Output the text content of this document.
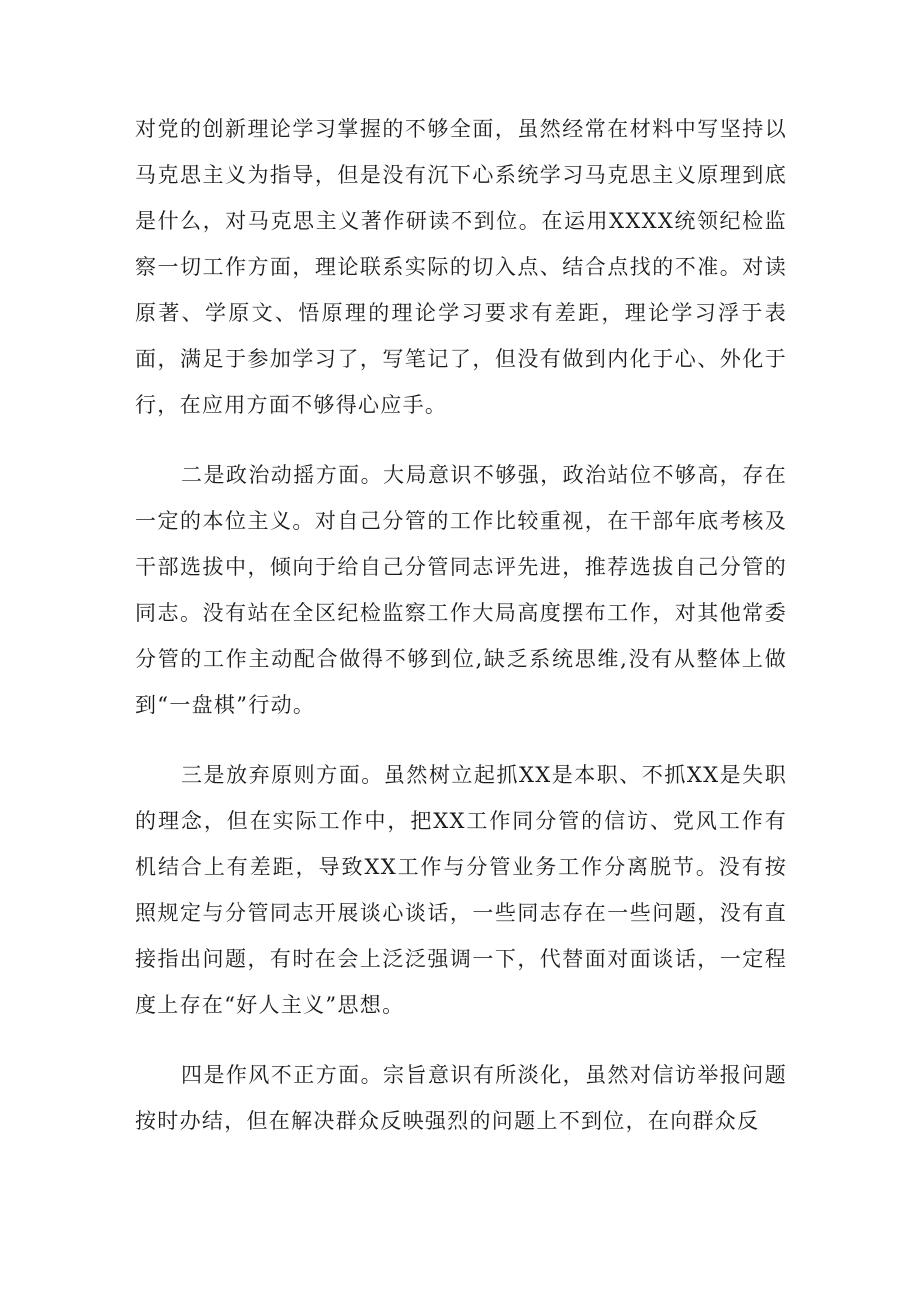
对党的创新理论学习掌握的不够全面，虽然经常在材料中写坚持以马克思主义为指导，但是没有沉下心系统学习马克思主义原理到底是什么，对马克思主义著作研读不到位。在运用XXXX统领纪检监察一切工作方面，理论联系实际的切入点、结合点找的不准。对读原著、学原文、悟原理的理论学习要求有差距，理论学习浮于表面，满足于参加学习了，写笔记了，但没有做到内化于心、外化于行，在应用方面不够得心应手。

二是政治动摇方面。大局意识不够强，政治站位不够高，存在一定的本位主义。对自己分管的工作比较重视，在干部年底考核及干部选拔中，倾向于给自己分管同志评先进，推荐选拔自己分管的同志。没有站在全区纪检监察工作大局高度摆布工作，对其他常委分管的工作主动配合做得不够到位,缺乏系统思维,没有从整体上做到“一盘棋”行动。

三是放弃原则方面。虽然树立起抓XX是本职、不抓XX是失职的理念，但在实际工作中，把XX工作同分管的信访、党风工作有机结合上有差距，导致XX工作与分管业务工作分离脱节。没有按照规定与分管同志开展谈心谈话，一些同志存在一些问题，没有直接指出问题，有时在会上泛泛强调一下，代替面对面谈话，一定程度上存在“好人主义”思想。

四是作风不正方面。宗旨意识有所淡化，虽然对信访举报问题按时办结，但在解决群众反映强烈的问题上不到位，在向群众反
